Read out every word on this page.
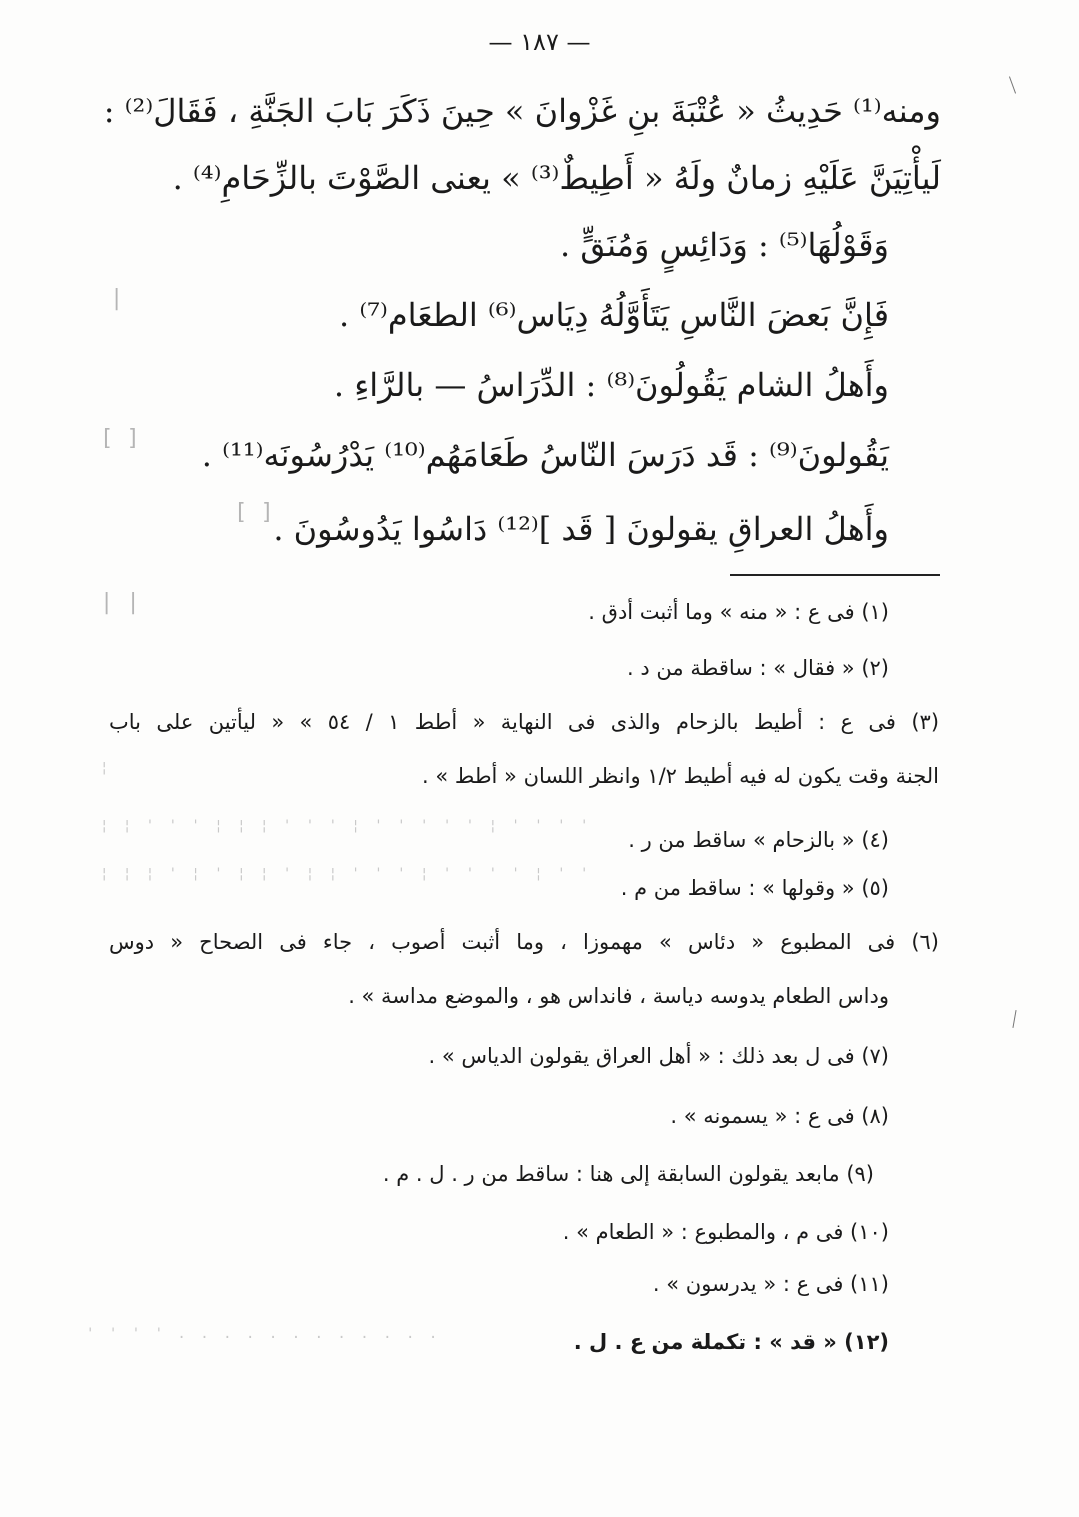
— ١٨٧ —
ومنه⁽¹⁾ حَدِيثُ « عُتْبَةَ بنِ غَزْوانَ » حِينَ ذَكَرَ بَابَ الجَنَّةِ ، فَقَالَ⁽²⁾ :
لَيأْتِيَنَّ عَلَيْهِ زمانٌ ولَهُ « أَطِيطٌ⁽³⁾ » يعنى الصَّوْتَ بالزِّحَامِ⁽⁴⁾ .
وَقَوْلُهَا⁽⁵⁾ : وَدَائِسٍ وَمُنَقٍّ .
فَإِنَّ بَعضَ النَّاسِ يَتَأَوَّلُهُ دِيَاس⁽⁶⁾ الطعَام⁽⁷⁾ .
وأَهلُ الشام يَقُولُونَ⁽⁸⁾ : الدِّرَاسُ — بالرَّاءِ .
يَقُولونَ⁽⁹⁾ : قَد دَرَسَ النّاسُ طَعَامَهُم⁽¹⁰⁾ يَدْرُسُونَه⁽¹¹⁾ .
وأَهلُ العراقِ يقولونَ [ قَد ]⁽¹²⁾ دَاسُوا يَدُوسُونَ .
(١) فى ع : « منه » وما أثبت أدق .
(٢) « فقال » : ساقطة من د .
(٣) فى ع : أطيط بالزحام والذى فى النهاية « أطط ١ / ٥٤ » « ليأتين على باب
الجنة وقت يكون له فيه أطيط ١/٢ وانظر اللسان « أطط » .
(٤) « بالزحام » ساقط من ر .
(٥) « وقولها » : ساقط من م .
(٦) فى المطبوع « دئاس » مهموزا ، وما أثبت أصوب ، جاء فى الصحاح « دوس
وداس الطعام يدوسه دياسة ، فانداس هو ، والموضع مداسة » .
(٧) فى ل بعد ذلك : « أهل العراق يقولون الدياس » .
(٨) فى ع : « يسمونه » .
(٩) مابعد يقولون السابقة إلى هنا : ساقط من ر . ل . م .
(١٠) فى م ، والمطبوع : « الطعام » .
(١١) فى ع : « يدرسون » .
(١٢) « قد » : تكملة من ع . ل .
|
[ ]
[ ]
| |
¦
¦ ¦ ' ' ' ¦ ¦ ¦ ' ' ' ¦ ' ' ' ' ' ¦ ' ' ' '
¦ ¦ ¦ ' ¦ ' ¦ ¦ ' ¦ ¦ ' ' ' ¦ ' ' ' ' ¦ ' '
' ' ' ' . . . . . . . . . . . .
